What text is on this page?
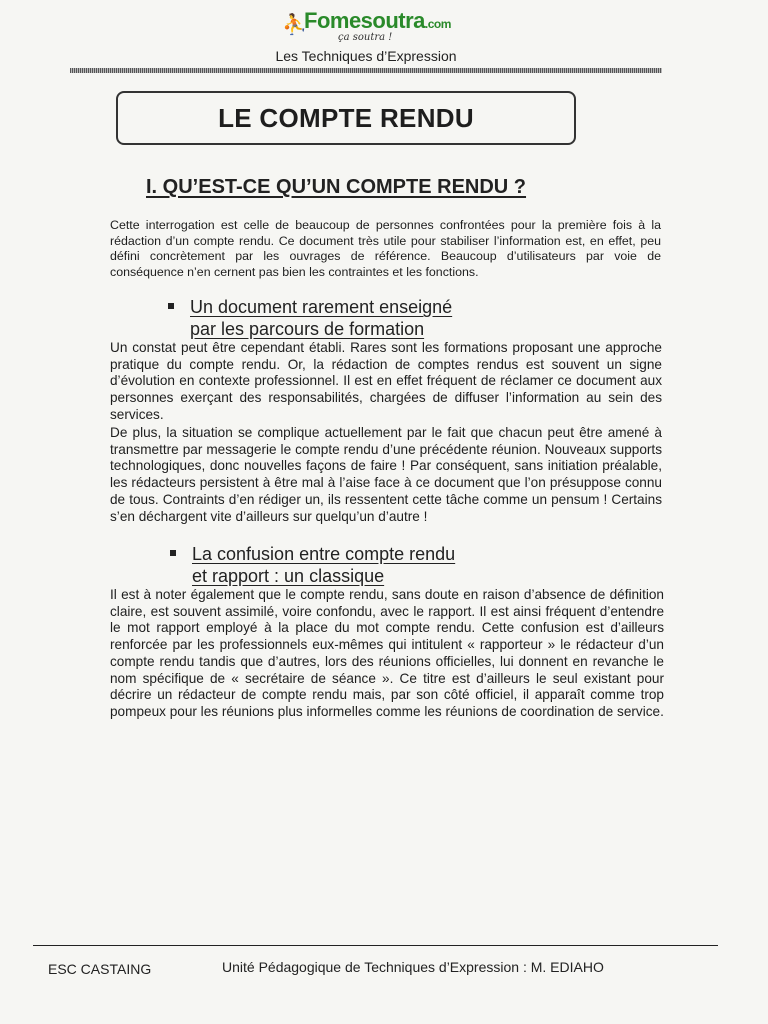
⛹
Fomesoutra.com
ça soutra !
Les Techniques d’Expression
LE COMPTE RENDU
I. QU’EST-CE QU’UN COMPTE RENDU ?
Cette interrogation est celle de beaucoup de personnes confrontées pour la première fois à la rédaction d’un compte rendu. Ce document très utile pour stabiliser l’information est, en effet, peu défini concrètement par les ouvrages de référence. Beaucoup d’utilisateurs par voie de conséquence n’en cernent pas bien les contraintes et les fonctions.
Un document rarement enseigné
par les parcours de formation
Un constat peut être cependant établi. Rares sont les formations proposant une approche pratique du compte rendu. Or, la rédaction de comptes rendus est souvent un signe d’évolution en contexte professionnel. Il est en effet fréquent de réclamer ce document aux personnes exerçant des responsabilités, chargées de diffuser l’information au sein des services.
De plus, la situation se complique actuellement par le fait que chacun peut être amené à transmettre par messagerie le compte rendu d’une précédente réunion. Nouveaux supports technologiques, donc nouvelles façons de faire ! Par conséquent, sans initiation préalable, les rédacteurs persistent à être mal à l’aise face à ce document que l’on présuppose connu de tous. Contraints d’en rédiger un, ils ressentent cette tâche comme un pensum ! Certains s’en déchargent vite d’ailleurs sur quelqu’un d’autre !
La confusion entre compte rendu
et rapport : un classique
Il est à noter également que le compte rendu, sans doute en raison d’absence de définition claire, est souvent assimilé, voire confondu, avec le rapport. Il est ainsi fréquent d’entendre le mot rapport employé à la place du mot compte rendu. Cette confusion est d’ailleurs renforcée par les professionnels eux-mêmes qui intitulent « rapporteur » le rédacteur d’un compte rendu tandis que d’autres, lors des réunions officielles, lui donnent en revanche le nom spécifique de « secrétaire de séance ». Ce titre est d’ailleurs le seul existant pour décrire un rédacteur de compte rendu mais, par son côté officiel, il apparaît comme trop pompeux pour les réunions plus informelles comme les réunions de coordination de service.
ESC CASTAING	Unité Pédagogique de Techniques d’Expression : M. EDIAHO
